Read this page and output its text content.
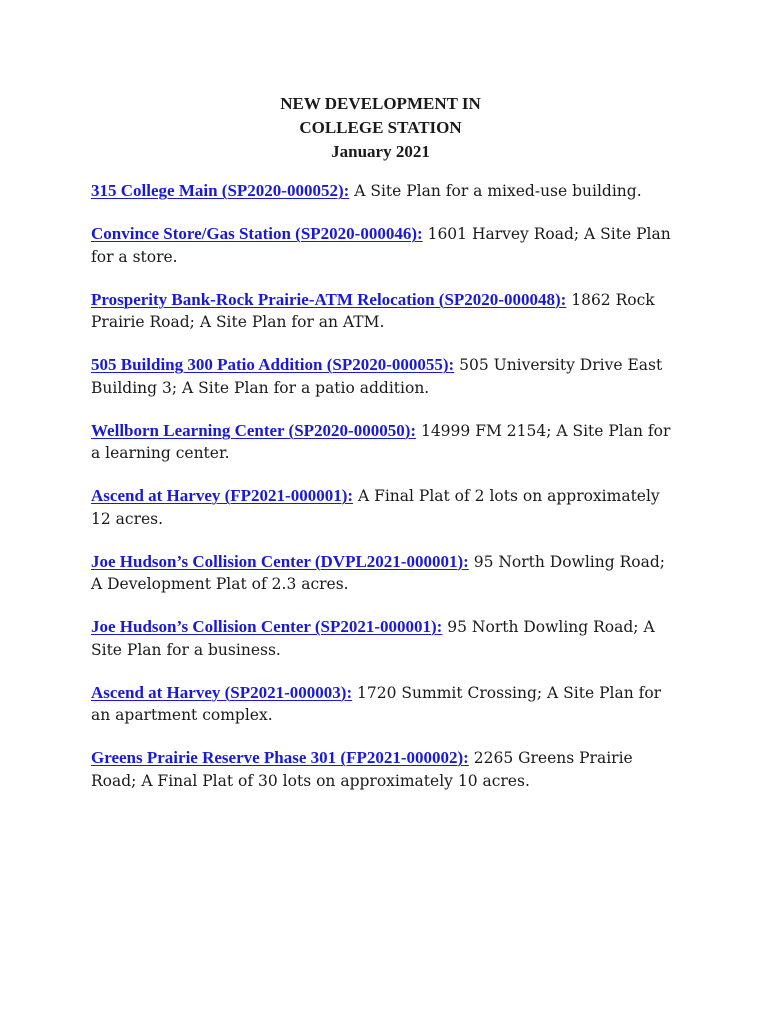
NEW DEVELOPMENT IN
COLLEGE STATION
January 2021

315 College Main (SP2020-000052): A Site Plan for a mixed-use building.

Convince Store/Gas Station (SP2020-000046): 1601 Harvey Road; A Site Plan for a store.

Prosperity Bank-Rock Prairie-ATM Relocation (SP2020-000048): 1862 Rock Prairie Road; A Site Plan for an ATM.

505 Building 300 Patio Addition (SP2020-000055): 505 University Drive East Building 3; A Site Plan for a patio addition.

Wellborn Learning Center (SP2020-000050): 14999 FM 2154; A Site Plan for a learning center.

Ascend at Harvey (FP2021-000001): A Final Plat of 2 lots on approximately 12 acres.

Joe Hudson’s Collision Center (DVPL2021-000001): 95 North Dowling Road; A Development Plat of 2.3 acres.

Joe Hudson’s Collision Center (SP2021-000001): 95 North Dowling Road; A Site Plan for a business.

Ascend at Harvey (SP2021-000003): 1720 Summit Crossing; A Site Plan for an apartment complex.

Greens Prairie Reserve Phase 301 (FP2021-000002): 2265 Greens Prairie Road; A Final Plat of 30 lots on approximately 10 acres.
